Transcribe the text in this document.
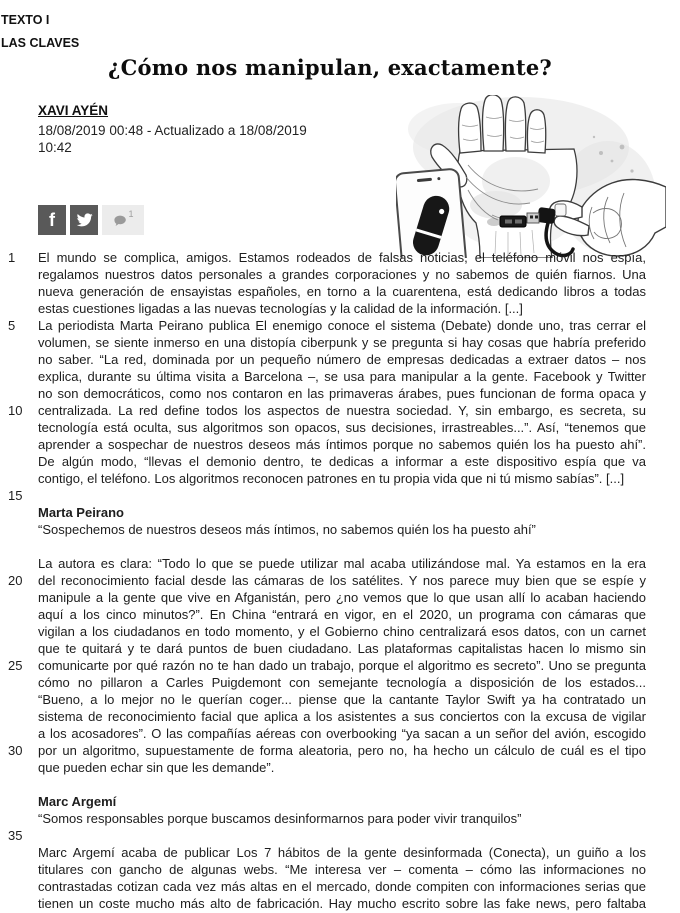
TEXTO I
LAS CLAVES
¿Cómo nos manipulan, exactamente?
XAVI AYÉN
18/08/2019 00:48 - Actualizado a 18/08/2019 10:42
f	1
1	El mundo se complica, amigos. Estamos rodeados de falsas noticias, el teléfono móvil nos espía,
regalamos nuestros datos personales a grandes corporaciones y no sabemos de quién fiarnos. Una
nueva generación de ensayistas españoles, en torno a la cuarentena, está dedicando libros a todas
estas cuestiones ligadas a las nuevas tecnologías y la calidad de la información. [...]
5	La periodista Marta Peirano publica El enemigo conoce el sistema (Debate) donde uno, tras cerrar el
volumen, se siente inmerso en una distopía ciberpunk y se pregunta si hay cosas que habría preferido
no saber. “La red, dominada por un pequeño número de empresas dedicadas a extraer datos – nos
explica, durante su última visita a Barcelona –, se usa para manipular a la gente. Facebook y Twitter
no son democráticos, como nos contaron en las primaveras árabes, pues funcionan de forma opaca y
10	centralizada. La red define todos los aspectos de nuestra sociedad. Y, sin embargo, es secreta, su
tecnología está oculta, sus algoritmos son opacos, sus decisiones, irrastreables...”. Así, “tenemos que
aprender a sospechar de nuestros deseos más íntimos porque no sabemos quién los ha puesto ahí”.
De algún modo, “llevas el demonio dentro, te dedicas a informar a este dispositivo espía que va
contigo, el teléfono. Los algoritmos reconocen patrones en tu propia vida que ni tú mismo sabías”. [...]
15
Marta Peirano
“Sospechemos de nuestros deseos más íntimos, no sabemos quién los ha puesto ahí”
La autora es clara: “Todo lo que se puede utilizar mal acaba utilizándose mal. Ya estamos en la era
20	del reconocimiento facial desde las cámaras de los satélites. Y nos parece muy bien que se espíe y
manipule a la gente que vive en Afganistán, pero ¿no vemos que lo que usan allí lo acaban haciendo
aquí a los cinco minutos?”. En China “entrará en vigor, en el 2020, un programa con cámaras que
vigilan a los ciudadanos en todo momento, y el Gobierno chino centralizará esos datos, con un carnet
que te quitará y te dará puntos de buen ciudadano. Las plataformas capitalistas hacen lo mismo sin
25	comunicarte por qué razón no te han dado un trabajo, porque el algoritmo es secreto”. Uno se pregunta
cómo no pillaron a Carles Puigdemont con semejante tecnología a disposición de los estados...
“Bueno, a lo mejor no le querían coger... piense que la cantante Taylor Swift ya ha contratado un
sistema de reconocimiento facial que aplica a los asistentes a sus conciertos con la excusa de vigilar
a los acosadores”. O las compañías aéreas con overbooking “ya sacan a un señor del avión, escogido
30	por un algoritmo, supuestamente de forma aleatoria, pero no, ha hecho un cálculo de cuál es el tipo
que pueden echar sin que les demande”.
Marc Argemí
“Somos responsables porque buscamos desinformarnos para poder vivir tranquilos”
35
Marc Argemí acaba de publicar Los 7 hábitos de la gente desinformada (Conecta), un guiño a los
titulares con gancho de algunas webs. “Me interesa ver – comenta – cómo las informaciones no
contrastadas cotizan cada vez más altas en el mercado, donde compiten con informaciones serias que
tienen un coste mucho más alto de fabricación. Hay mucho escrito sobre las fake news, pero faltaba
